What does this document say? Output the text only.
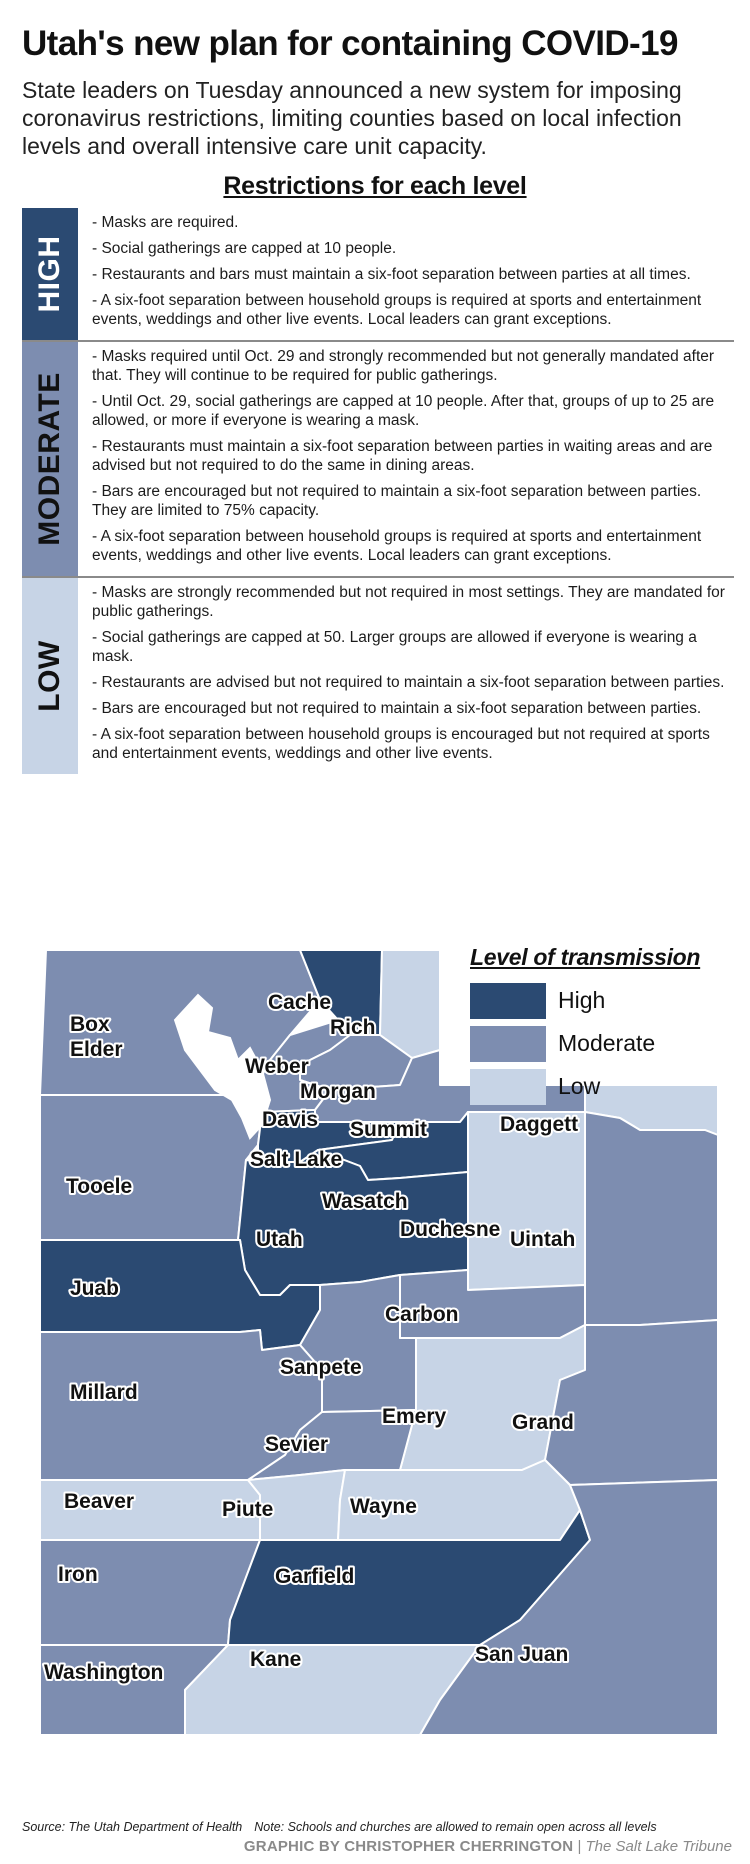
Utah's new plan for containing COVID-19

State leaders on Tuesday announced a new system for imposing coronavirus restrictions, limiting counties based on local infection levels and overall intensive care unit capacity.

Restrictions for each level
HIGH

- Masks are required.

- Social gatherings are capped at 10 people.

- Restaurants and bars must maintain a six-foot separation between parties at all times.

- A six-foot separation between household groups is required at sports and entertainment events, weddings and other live events. Local leaders can grant exceptions.

MODERATE

- Masks required until Oct. 29 and strongly recommended but not generally mandated after that. They will continue to be required for public gatherings.

- Until Oct. 29, social gatherings are capped at 10 people. After that, groups of up to 25 are allowed, or more if everyone is wearing a mask.

- Restaurants must maintain a six-foot separation between parties in waiting areas and are advised but not required to do the same in dining areas.

- Bars are encouraged but not required to maintain a six-foot separation between parties. They are limited to 75% capacity.

- A six-foot separation between household groups is required at sports and entertainment events, weddings and other live events. Local leaders can grant exceptions.

LOW

- Masks are strongly recommended but not required in most settings. They are mandated for public gatherings.

- Social gatherings are capped at 50. Larger groups are allowed if everyone is wearing a mask.

- Restaurants are advised but not required to maintain a six-foot separation between parties.

- Bars are encouraged but not required to maintain a six-foot separation between parties.

- A six-foot separation between household groups is encouraged but not required at sports and entertainment events, weddings and other live events.

Box Elder
Cache
Rich
Weber
Morgan
Davis Summit	Daggett
Tooele
Salt Lake
Wasatch
Duchesne Uintah
Utah
Juab
Carbon
Sanpete
Millard
Emery	Grand
Sevier
Beaver	Piute	Wayne
Iron	Garfield
Washington
Kane	San Juan
Level of transmission
High
Moderate
Low
Source: The Utah Department of Health Note: Schools and churches are allowed to remain open across all levels
GRAPHIC BY CHRISTOPHER CHERRINGTON | The Salt Lake Tribune
